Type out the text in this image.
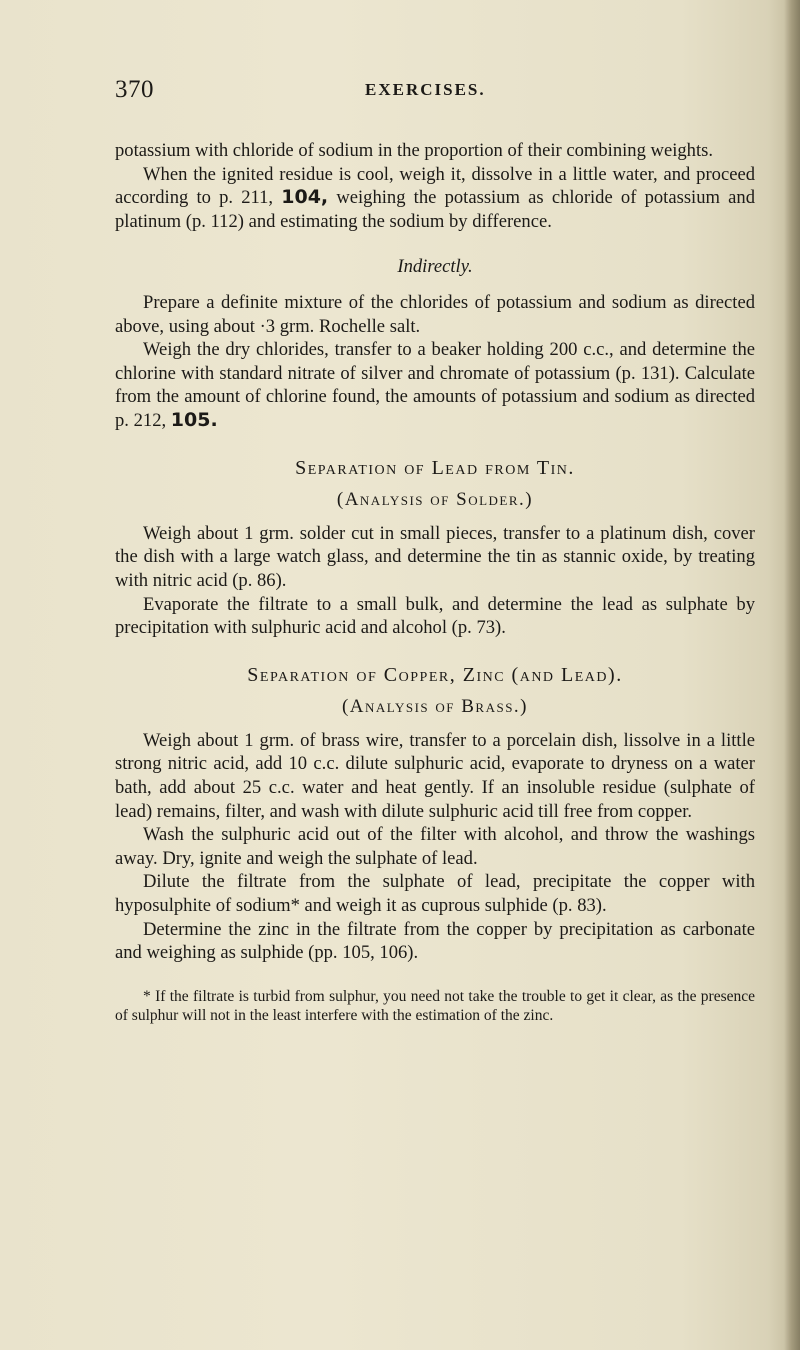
370	EXERCISES.

potassium with chloride of sodium in the proportion of their combining weights.

When the ignited residue is cool, weigh it, dissolve in a little water, and proceed according to p. 211, 104, weighing the potassium as chloride of potassium and platinum (p. 112) and estimating the sodium by difference.

Indirectly.

Prepare a definite mixture of the chlorides of potassium and sodium as directed above, using about ·3 grm. Rochelle salt.

Weigh the dry chlorides, transfer to a beaker holding 200 c.c., and determine the chlorine with standard nitrate of silver and chromate of potassium (p. 131). Calculate from the amount of chlorine found, the amounts of potassium and sodium as directed p. 212, 105.

Separation of Lead from Tin.

(Analysis of Solder.)

Weigh about 1 grm. solder cut in small pieces, transfer to a platinum dish, cover the dish with a large watch glass, and determine the tin as stannic oxide, by treating with nitric acid (p. 86).

Evaporate the filtrate to a small bulk, and determine the lead as sulphate by precipitation with sulphuric acid and alcohol (p. 73).

Separation of Copper, Zinc (and Lead).

(Analysis of Brass.)

Weigh about 1 grm. of brass wire, transfer to a porcelain dish, lissolve in a little strong nitric acid, add 10 c.c. dilute sulphuric acid, evaporate to dryness on a water bath, add about 25 c.c. water and heat gently. If an insoluble residue (sulphate of lead) remains, filter, and wash with dilute sulphuric acid till free from copper.

Wash the sulphuric acid out of the filter with alcohol, and throw the washings away. Dry, ignite and weigh the sulphate of lead.

Dilute the filtrate from the sulphate of lead, precipitate the copper with hyposulphite of sodium* and weigh it as cuprous sulphide (p. 83).

Determine the zinc in the filtrate from the copper by precipitation as carbonate and weighing as sulphide (pp. 105, 106).

* If the filtrate is turbid from sulphur, you need not take the trouble to get it clear, as the presence of sulphur will not in the least interfere with the estimation of the zinc.
